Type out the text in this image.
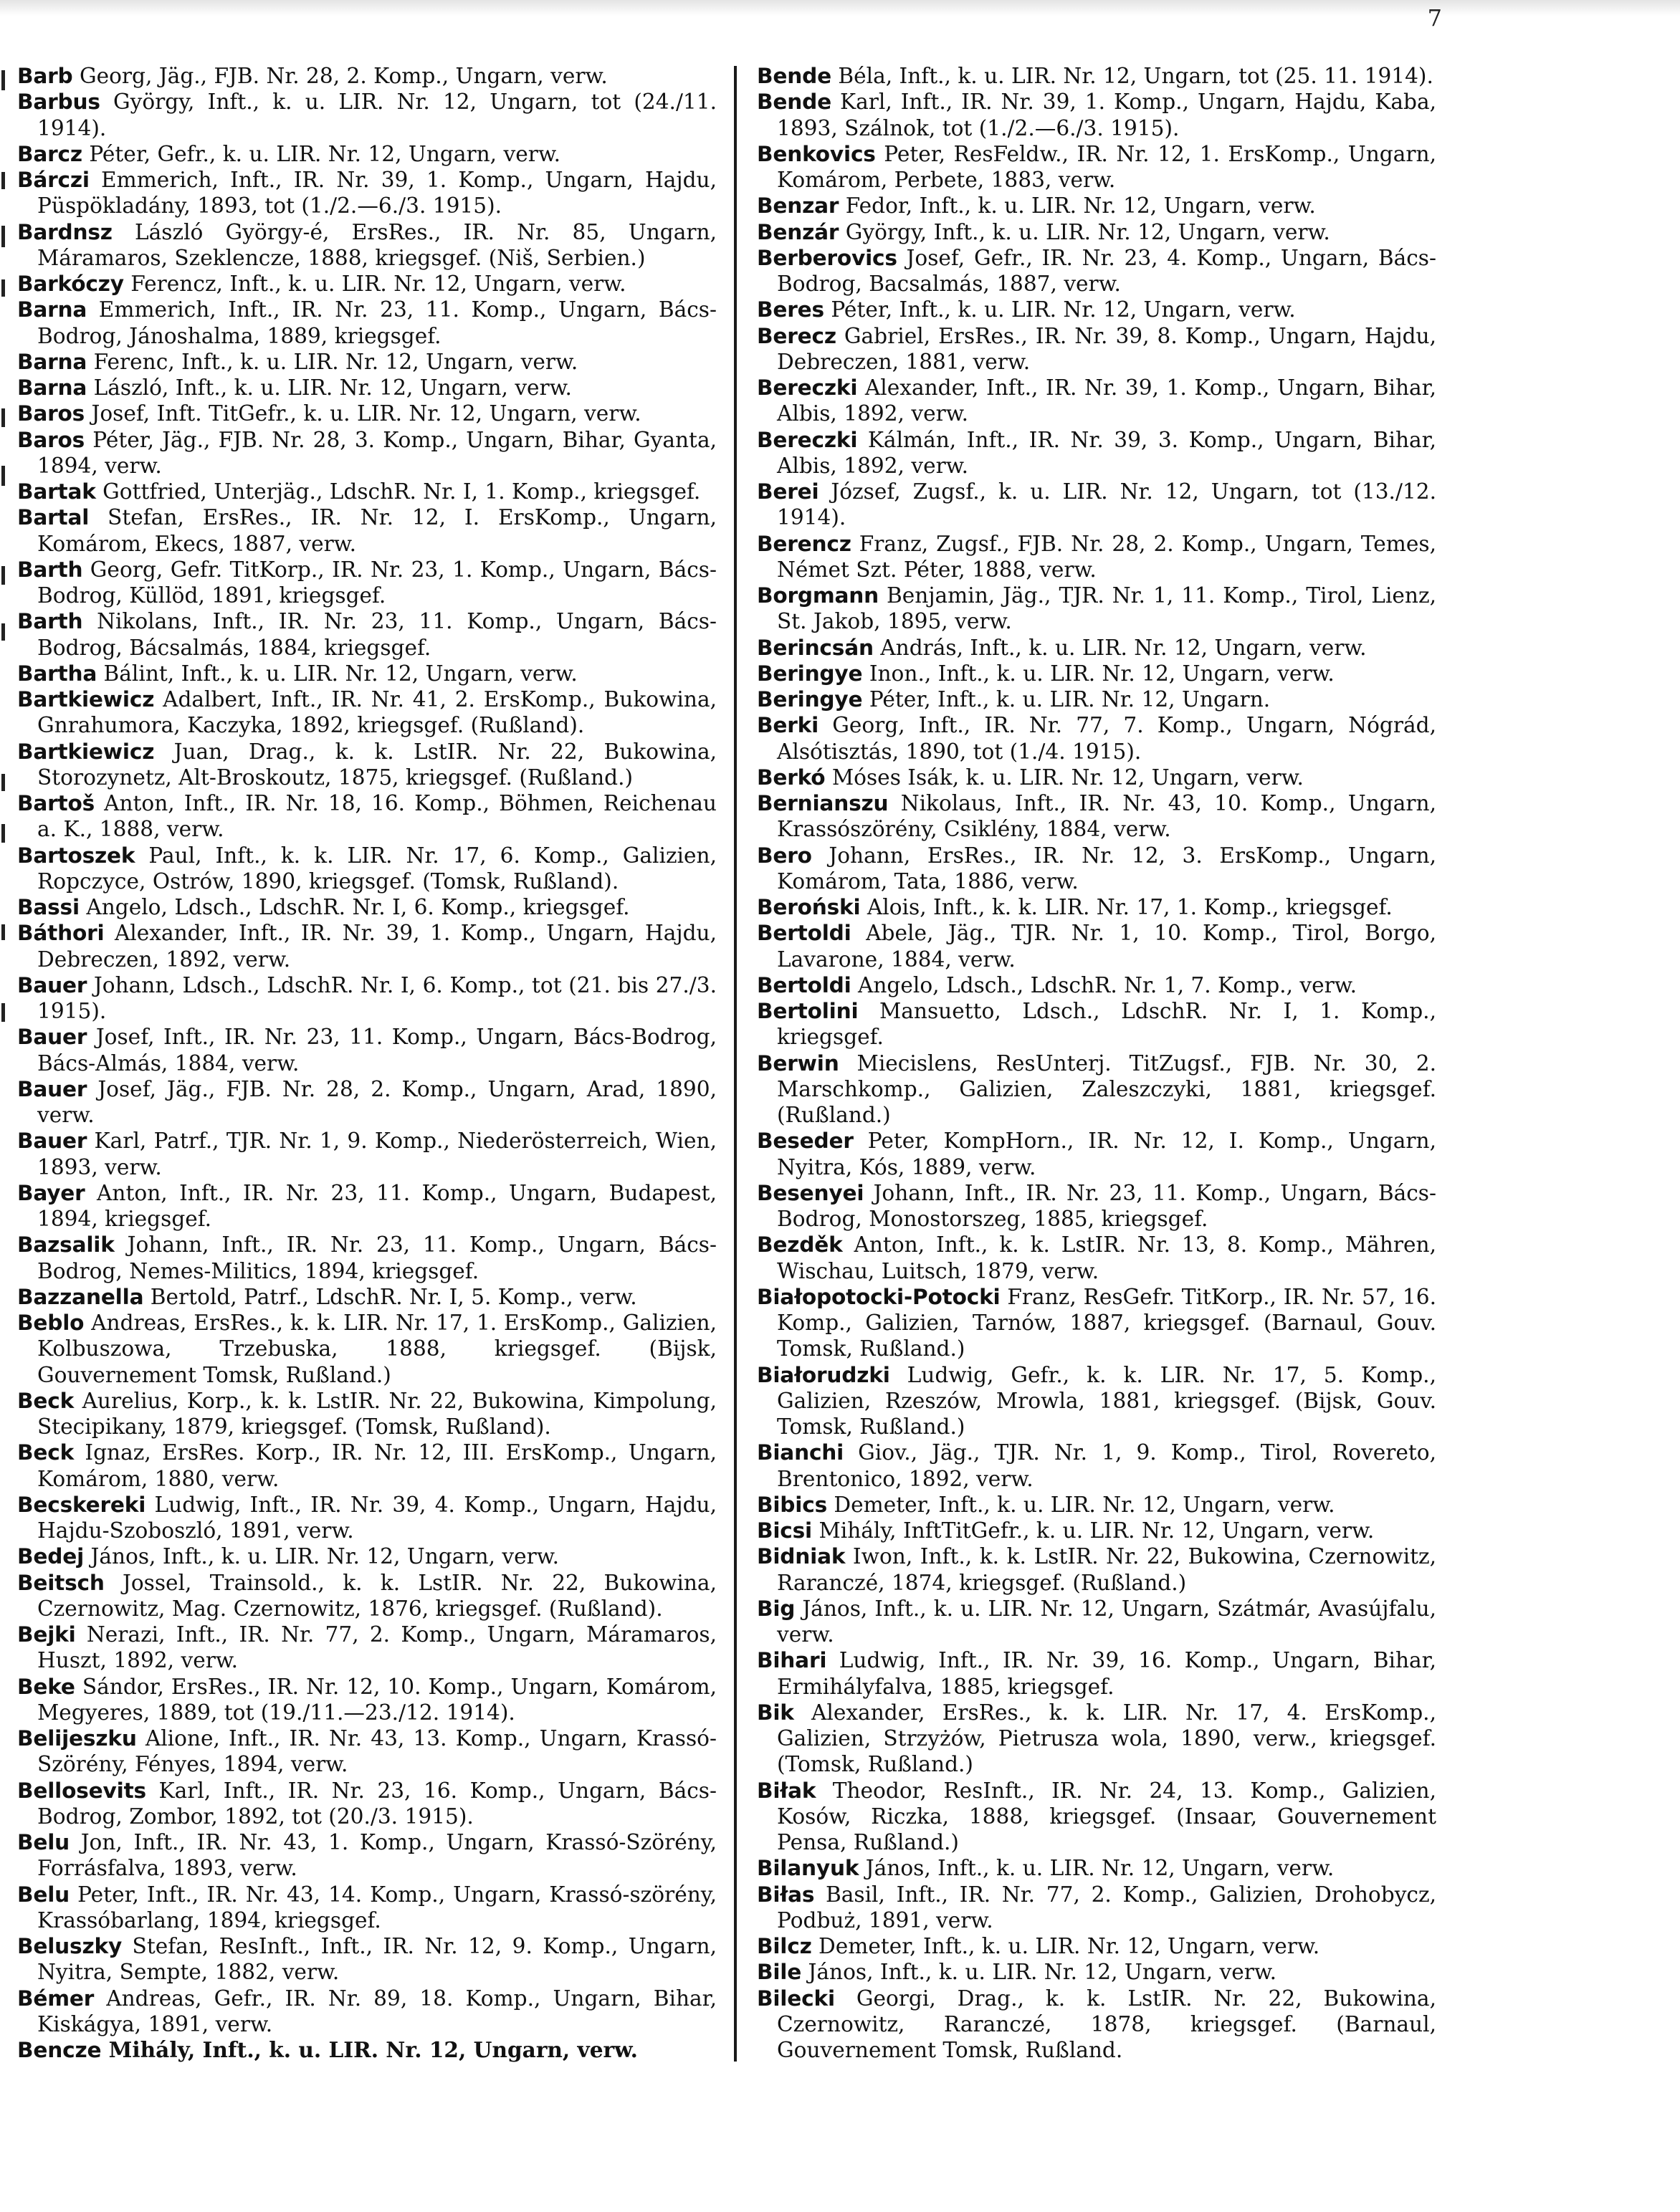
7

Barb Georg, Jäg., FJB. Nr. 28, 2. Komp., Ungarn, verw.

Barbus György, Inft., k. u. LIR. Nr. 12, Ungarn, tot (24./11. 1914).

Barcz Péter, Gefr., k. u. LIR. Nr. 12, Ungarn, verw.

Bárczi Emmerich, Inft., IR. Nr. 39, 1. Komp., Ungarn, Hajdu, Püspökladány, 1893, tot (1./2.—6./3. 1915).

Bardnsz László György-é, ErsRes., IR. Nr. 85, Ungarn, Máramaros, Szeklencze, 1888, kriegsgef. (Niš, Serbien.)

Barkóczy Ferencz, Inft., k. u. LIR. Nr. 12, Ungarn, verw.

Barna Emmerich, Inft., IR. Nr. 23, 11. Komp., Ungarn, Bács-Bodrog, Jánoshalma, 1889, kriegsgef.

Barna Ferenc, Inft., k. u. LIR. Nr. 12, Ungarn, verw.

Barna László, Inft., k. u. LIR. Nr. 12, Ungarn, verw.

Baros Josef, Inft. TitGefr., k. u. LIR. Nr. 12, Ungarn, verw.

Baros Péter, Jäg., FJB. Nr. 28, 3. Komp., Ungarn, Bihar, Gyanta, 1894, verw.

Bartak Gottfried, Unterjäg., LdschR. Nr. I, 1. Komp., kriegsgef.

Bartal Stefan, ErsRes., IR. Nr. 12, I. ErsKomp., Ungarn, Komárom, Ekecs, 1887, verw.

Barth Georg, Gefr. TitKorp., IR. Nr. 23, 1. Komp., Ungarn, Bács-Bodrog, Küllöd, 1891, kriegsgef.

Barth Nikolans, Inft., IR. Nr. 23, 11. Komp., Ungarn, Bács-Bodrog, Bácsalmás, 1884, kriegsgef.

Bartha Bálint, Inft., k. u. LIR. Nr. 12, Ungarn, verw.

Bartkiewicz Adalbert, Inft., IR. Nr. 41, 2. ErsKomp., Bukowina, Gnrahumora, Kaczyka, 1892, kriegsgef. (Rußland).

Bartkiewicz Juan, Drag., k. k. LstIR. Nr. 22, Bukowina, Storozynetz, Alt-Broskoutz, 1875, kriegsgef. (Rußland.)

Bartoš Anton, Inft., IR. Nr. 18, 16. Komp., Böhmen, Reichenau a. K., 1888, verw.

Bartoszek Paul, Inft., k. k. LIR. Nr. 17, 6. Komp., Galizien, Ropczyce, Ostrów, 1890, kriegsgef. (Tomsk, Rußland).

Bassi Angelo, Ldsch., LdschR. Nr. I, 6. Komp., kriegsgef.

Báthori Alexander, Inft., IR. Nr. 39, 1. Komp., Ungarn, Hajdu, Debreczen, 1892, verw.

Bauer Johann, Ldsch., LdschR. Nr. I, 6. Komp., tot (21. bis 27./3. 1915).

Bauer Josef, Inft., IR. Nr. 23, 11. Komp., Ungarn, Bács-Bodrog, Bács-Almás, 1884, verw.

Bauer Josef, Jäg., FJB. Nr. 28, 2. Komp., Ungarn, Arad, 1890, verw.

Bauer Karl, Patrf., TJR. Nr. 1, 9. Komp., Niederösterreich, Wien, 1893, verw.

Bayer Anton, Inft., IR. Nr. 23, 11. Komp., Ungarn, Budapest, 1894, kriegsgef.

Bazsalik Johann, Inft., IR. Nr. 23, 11. Komp., Ungarn, Bács-Bodrog, Nemes-Militics, 1894, kriegsgef.

Bazzanella Bertold, Patrf., LdschR. Nr. I, 5. Komp., verw.

Beblo Andreas, ErsRes., k. k. LIR. Nr. 17, 1. ErsKomp., Galizien, Kolbuszowa, Trzebuska, 1888, kriegsgef. (Bijsk, Gouvernement Tomsk, Rußland.)

Beck Aurelius, Korp., k. k. LstIR. Nr. 22, Bukowina, Kimpolung, Stecipikany, 1879, kriegsgef. (Tomsk, Rußland).

Beck Ignaz, ErsRes. Korp., IR. Nr. 12, III. ErsKomp., Ungarn, Komárom, 1880, verw.

Becskereki Ludwig, Inft., IR. Nr. 39, 4. Komp., Ungarn, Hajdu, Hajdu-Szoboszló, 1891, verw.

Bedej János, Inft., k. u. LIR. Nr. 12, Ungarn, verw.

Beitsch Jossel, Trainsold., k. k. LstIR. Nr. 22, Bukowina, Czernowitz, Mag. Czernowitz, 1876, kriegsgef. (Rußland).

Bejki Nerazi, Inft., IR. Nr. 77, 2. Komp., Ungarn, Máramaros, Huszt, 1892, verw.

Beke Sándor, ErsRes., IR. Nr. 12, 10. Komp., Ungarn, Komárom, Megyeres, 1889, tot (19./11.—23./12. 1914).

Belijeszku Alione, Inft., IR. Nr. 43, 13. Komp., Ungarn, Krassó-Szörény, Fényes, 1894, verw.

Bellosevits Karl, Inft., IR. Nr. 23, 16. Komp., Ungarn, Bács-Bodrog, Zombor, 1892, tot (20./3. 1915).

Belu Jon, Inft., IR. Nr. 43, 1. Komp., Ungarn, Krassó-Szörény, Forrásfalva, 1893, verw.

Belu Peter, Inft., IR. Nr. 43, 14. Komp., Ungarn, Krassó-szörény, Krassóbarlang, 1894, kriegsgef.

Beluszky Stefan, ResInft., Inft., IR. Nr. 12, 9. Komp., Ungarn, Nyitra, Sempte, 1882, verw.

Bémer Andreas, Gefr., IR. Nr. 89, 18. Komp., Ungarn, Bihar, Kiskágya, 1891, verw.

Bencze Mihály, Inft., k. u. LIR. Nr. 12, Ungarn, verw.

Bende Béla, Inft., k. u. LIR. Nr. 12, Ungarn, tot (25. 11. 1914).

Bende Karl, Inft., IR. Nr. 39, 1. Komp., Ungarn, Hajdu, Kaba, 1893, Szálnok, tot (1./2.—6./3. 1915).

Benkovics Peter, ResFeldw., IR. Nr. 12, 1. ErsKomp., Ungarn, Komárom, Perbete, 1883, verw.

Benzar Fedor, Inft., k. u. LIR. Nr. 12, Ungarn, verw.

Benzár György, Inft., k. u. LIR. Nr. 12, Ungarn, verw.

Berberovics Josef, Gefr., IR. Nr. 23, 4. Komp., Ungarn, Bács-Bodrog, Bacsalmás, 1887, verw.

Beres Péter, Inft., k. u. LIR. Nr. 12, Ungarn, verw.

Berecz Gabriel, ErsRes., IR. Nr. 39, 8. Komp., Ungarn, Hajdu, Debreczen, 1881, verw.

Bereczki Alexander, Inft., IR. Nr. 39, 1. Komp., Ungarn, Bihar, Albis, 1892, verw.

Bereczki Kálmán, Inft., IR. Nr. 39, 3. Komp., Ungarn, Bihar, Albis, 1892, verw.

Berei József, Zugsf., k. u. LIR. Nr. 12, Ungarn, tot (13./12. 1914).

Berencz Franz, Zugsf., FJB. Nr. 28, 2. Komp., Ungarn, Temes, Német Szt. Péter, 1888, verw.

Borgmann Benjamin, Jäg., TJR. Nr. 1, 11. Komp., Tirol, Lienz, St. Jakob, 1895, verw.

Berincsán András, Inft., k. u. LIR. Nr. 12, Ungarn, verw.

Beringye Inon., Inft., k. u. LIR. Nr. 12, Ungarn, verw.

Beringye Péter, Inft., k. u. LIR. Nr. 12, Ungarn.

Berki Georg, Inft., IR. Nr. 77, 7. Komp., Ungarn, Nógrád, Alsótisztás, 1890, tot (1./4. 1915).

Berkó Móses Isák, k. u. LIR. Nr. 12, Ungarn, verw.

Bernianszu Nikolaus, Inft., IR. Nr. 43, 10. Komp., Ungarn, Krassószörény, Csiklény, 1884, verw.

Bero Johann, ErsRes., IR. Nr. 12, 3. ErsKomp., Ungarn, Komárom, Tata, 1886, verw.

Beroński Alois, Inft., k. k. LIR. Nr. 17, 1. Komp., kriegsgef.

Bertoldi Abele, Jäg., TJR. Nr. 1, 10. Komp., Tirol, Borgo, Lavarone, 1884, verw.

Bertoldi Angelo, Ldsch., LdschR. Nr. 1, 7. Komp., verw.

Bertolini Mansuetto, Ldsch., LdschR. Nr. I, 1. Komp., kriegsgef.

Berwin Miecislens, ResUnterj. TitZugsf., FJB. Nr. 30, 2. Marschkomp., Galizien, Zaleszczyki, 1881, kriegsgef. (Rußland.)

Beseder Peter, KompHorn., IR. Nr. 12, I. Komp., Ungarn, Nyitra, Kós, 1889, verw.

Besenyei Johann, Inft., IR. Nr. 23, 11. Komp., Ungarn, Bács-Bodrog, Monostorszeg, 1885, kriegsgef.

Bezděk Anton, Inft., k. k. LstIR. Nr. 13, 8. Komp., Mähren, Wischau, Luitsch, 1879, verw.

Białopotocki-Potocki Franz, ResGefr. TitKorp., IR. Nr. 57, 16. Komp., Galizien, Tarnów, 1887, kriegsgef. (Barnaul, Gouv. Tomsk, Rußland.)

Białorudzki Ludwig, Gefr., k. k. LIR. Nr. 17, 5. Komp., Galizien, Rzeszów, Mrowla, 1881, kriegsgef. (Bijsk, Gouv. Tomsk, Rußland.)

Bianchi Giov., Jäg., TJR. Nr. 1, 9. Komp., Tirol, Rovereto, Brentonico, 1892, verw.

Bibics Demeter, Inft., k. u. LIR. Nr. 12, Ungarn, verw.

Bicsi Mihály, InftTitGefr., k. u. LIR. Nr. 12, Ungarn, verw.

Bidniak Iwon, Inft., k. k. LstIR. Nr. 22, Bukowina, Czernowitz, Raranczé, 1874, kriegsgef. (Rußland.)

Big János, Inft., k. u. LIR. Nr. 12, Ungarn, Szátmár, Avasújfalu, verw.

Bihari Ludwig, Inft., IR. Nr. 39, 16. Komp., Ungarn, Bihar, Ermihályfalva, 1885, kriegsgef.

Bik Alexander, ErsRes., k. k. LIR. Nr. 17, 4. ErsKomp., Galizien, Strzyżów, Pietrusza wola, 1890, verw., kriegsgef. (Tomsk, Rußland.)

Biłak Theodor, ResInft., IR. Nr. 24, 13. Komp., Galizien, Kosów, Riczka, 1888, kriegsgef. (Insaar, Gouvernement Pensa, Rußland.)

Bilanyuk János, Inft., k. u. LIR. Nr. 12, Ungarn, verw.

Biłas Basil, Inft., IR. Nr. 77, 2. Komp., Galizien, Drohobycz, Podbuż, 1891, verw.

Bilcz Demeter, Inft., k. u. LIR. Nr. 12, Ungarn, verw.

Bile János, Inft., k. u. LIR. Nr. 12, Ungarn, verw.

Bilecki Georgi, Drag., k. k. LstIR. Nr. 22, Bukowina, Czernowitz, Raranczé, 1878, kriegsgef. (Barnaul, Gouvernement Tomsk, Rußland.
